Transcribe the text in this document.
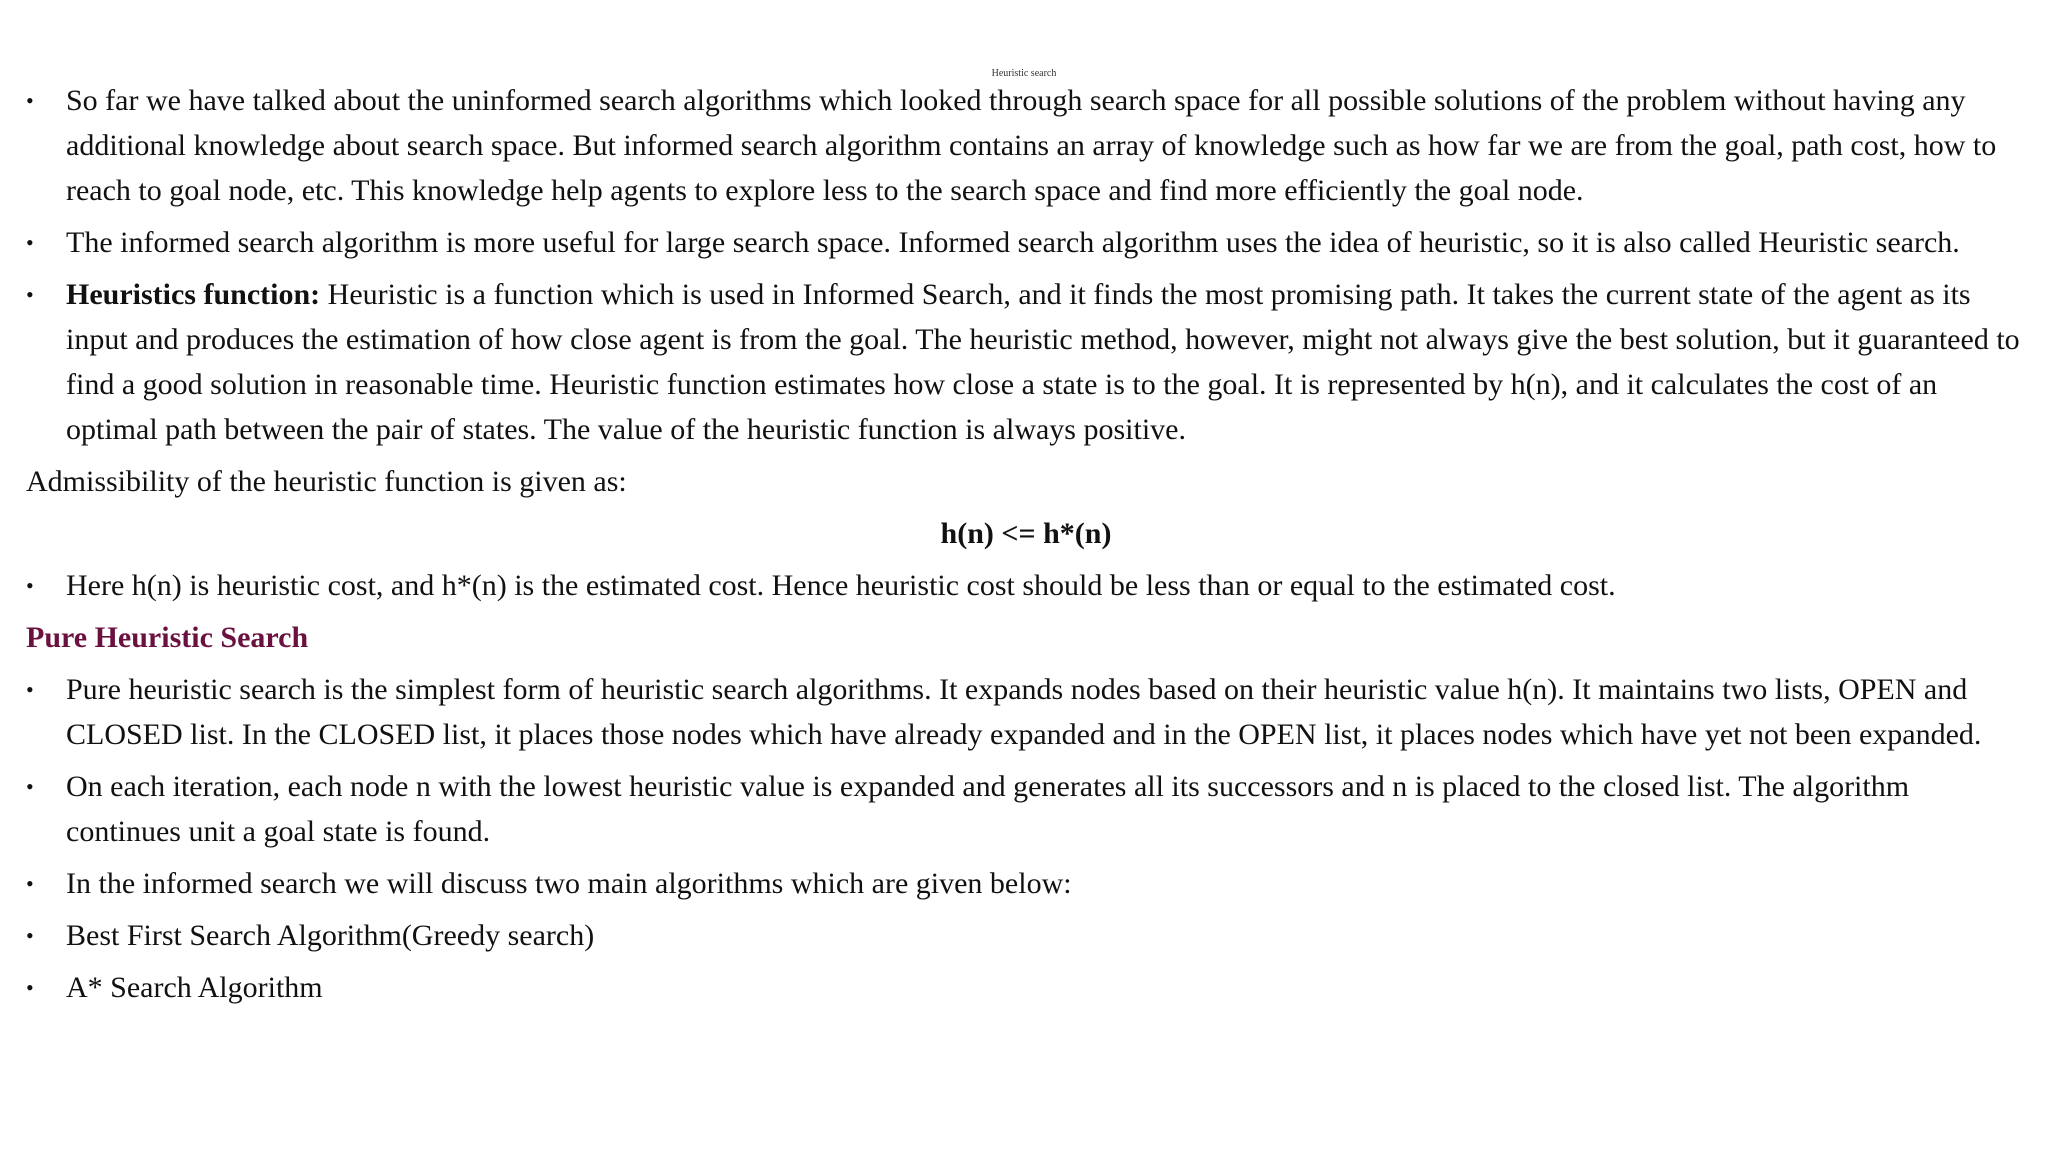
Heuristic search
•	So far we have talked about the uninformed search algorithms which looked through search space for all possible solutions of the problem without having any additional knowledge about search space. But informed search algorithm contains an array of knowledge such as how far we are from the goal, path cost, how to reach to goal node, etc. This knowledge help agents to explore less to the search space and find more efficiently the goal node.
•	The informed search algorithm is more useful for large search space. Informed search algorithm uses the idea of heuristic, so it is also called Heuristic search.
•	Heuristics function: Heuristic is a function which is used in Informed Search, and it finds the most promising path. It takes the current state of the agent as its input and produces the estimation of how close agent is from the goal. The heuristic method, however, might not always give the best solution, but it guaranteed to find a good solution in reasonable time. Heuristic function estimates how close a state is to the goal. It is represented by h(n), and it calculates the cost of an optimal path between the pair of states. The value of the heuristic function is always positive.
Admissibility of the heuristic function is given as:
h(n) <= h*(n)
•	Here h(n) is heuristic cost, and h*(n) is the estimated cost. Hence heuristic cost should be less than or equal to the estimated cost.
Pure Heuristic Search
•	Pure heuristic search is the simplest form of heuristic search algorithms. It expands nodes based on their heuristic value h(n). It maintains two lists, OPEN and CLOSED list. In the CLOSED list, it places those nodes which have already expanded and in the OPEN list, it places nodes which have yet not been expanded.
•	On each iteration, each node n with the lowest heuristic value is expanded and generates all its successors and n is placed to the closed list. The algorithm continues unit a goal state is found.
•	In the informed search we will discuss two main algorithms which are given below:
•	Best First Search Algorithm(Greedy search)
•	A* Search Algorithm
